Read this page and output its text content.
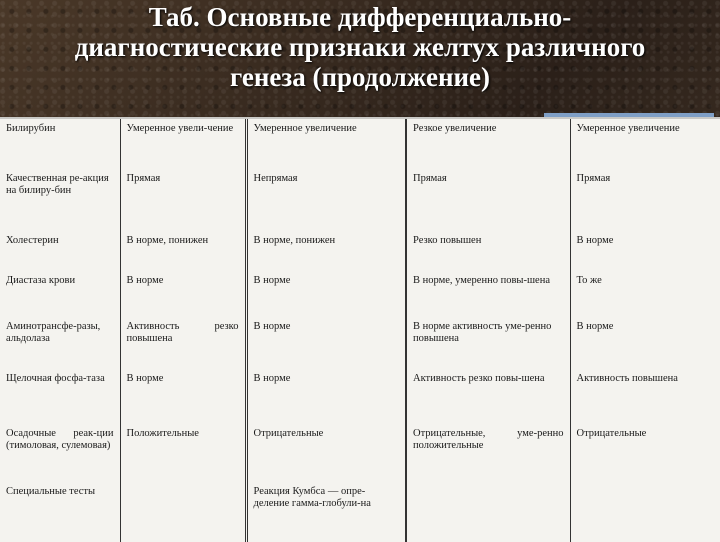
Таб. Основные дифференциально-
диагностические признаки желтух различного
генеза (продолжение)
Билирубин	Умеренное увели-чение	Умеренное увеличение	Резкое увеличение	Умеренное увеличение
Качественная ре-акция на билиру-бин	Прямая	Непрямая	Прямая	Прямая
Холестерин	В норме, понижен	В норме, понижен	Резко повышен	В норме
Диастаза крови	В норме	В норме	В норме, умеренно повы-шена	То же
Аминотрансфе-разы, альдолаза	Активность резко повышена	В норме	В норме активность уме-ренно повышена	В норме
Щелочная фосфа-таза	В норме	В норме	Активность резко повы-шена	Активность повышена
Осадочные реак-ции (тимоловая, сулемовая)	Положительные	Отрицательные	Отрицательные, уме-ренно положительные	Отрицательные
Специальные тесты		Реакция Кумбса — опре-деление гамма-глобули-на		
